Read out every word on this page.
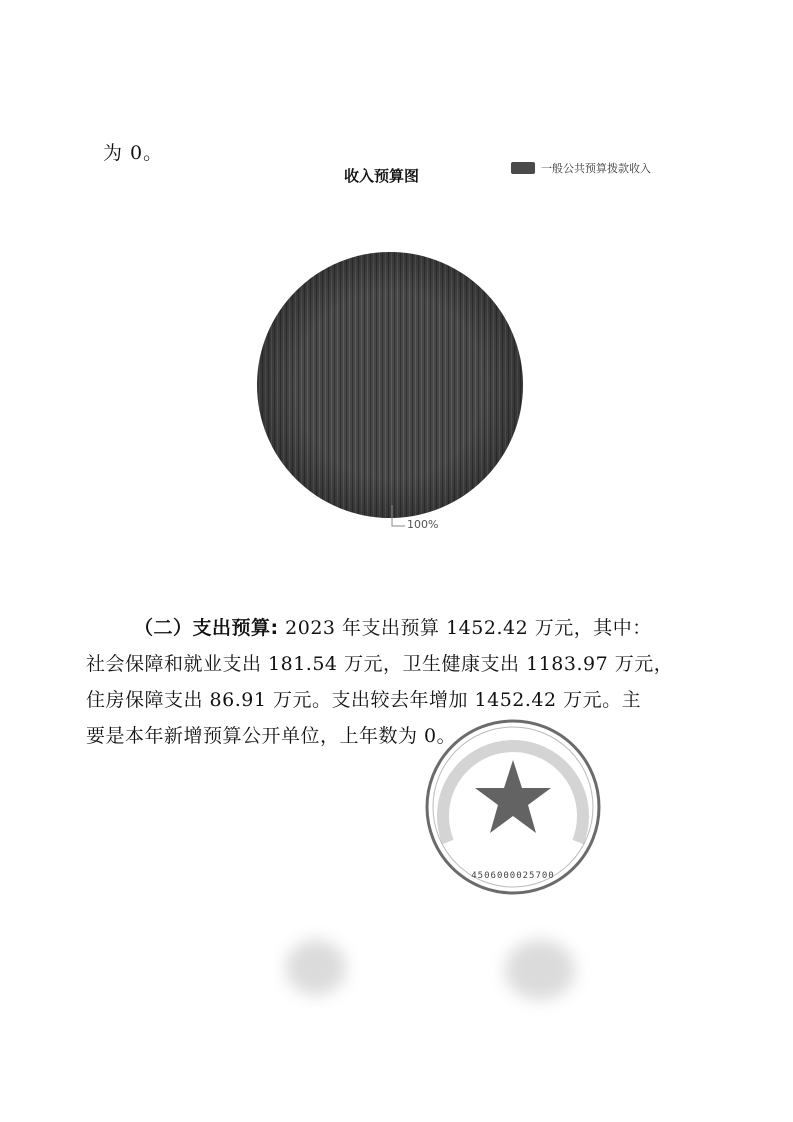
为 0。
收入预算图	一般公共预算拨款收入
100%
（二）支出预算: 2023 年支出预算 1452.42 万元，其中：
社会保障和就业支出 181.54 万元，卫生健康支出 1183.97 万元，
住房保障支出 86.91 万元。支出较去年增加 1452.42 万元。主
要是本年新增预算公开单位，上年数为 0。
4506000025700
